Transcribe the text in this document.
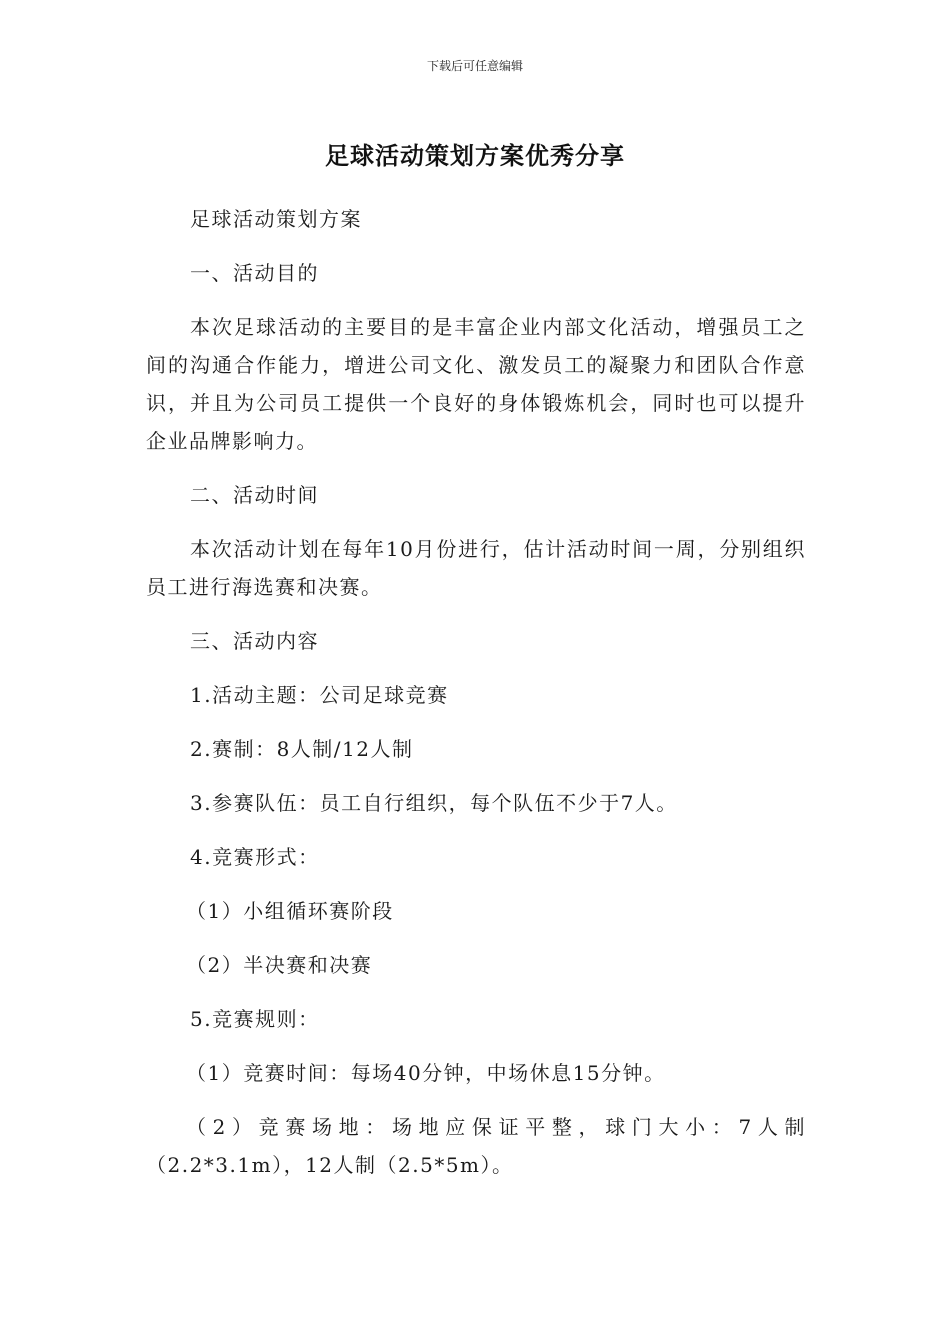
下载后可任意编辑
足球活动策划方案优秀分享

足球活动策划方案

一、活动目的

本次足球活动的主要目的是丰富企业内部文化活动，增强员工之间的沟通合作能力，增进公司文化、激发员工的凝聚力和团队合作意识，并且为公司员工提供一个良好的身体锻炼机会，同时也可以提升企业品牌影响力。

二、活动时间

本次活动计划在每年10月份进行，估计活动时间一周，分别组织员工进行海选赛和决赛。

三、活动内容

1.活动主题：公司足球竞赛

2.赛制：8人制/12人制

3.参赛队伍：员工自行组织，每个队伍不少于7人。

4.竞赛形式：

（1）小组循环赛阶段

（2）半决赛和决赛

5.竞赛规则：

（1）竞赛时间：每场40分钟，中场休息15分钟。

（2）竞赛场地：场地应保证平整，球门大小：7人制（2.2*3.1m），12人制（2.5*5m）。
